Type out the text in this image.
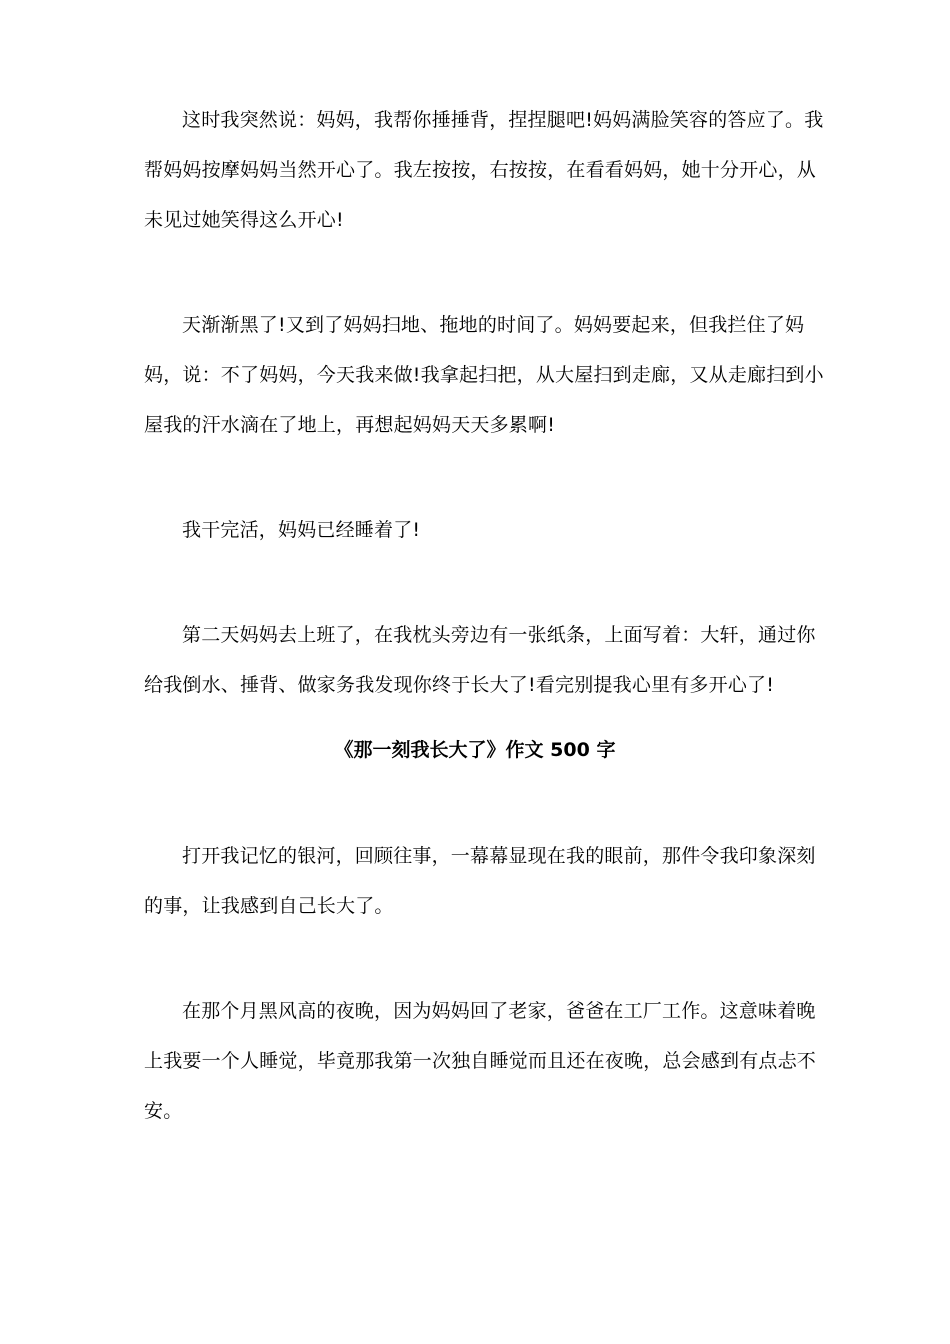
这时我突然说：妈妈，我帮你捶捶背，捏捏腿吧!妈妈满脸笑容的答应了。我帮妈妈按摩妈妈当然开心了。我左按按，右按按，在看看妈妈，她十分开心，从未见过她笑得这么开心!

天渐渐黑了!又到了妈妈扫地、拖地的时间了。妈妈要起来，但我拦住了妈妈，说：不了妈妈，今天我来做!我拿起扫把，从大屋扫到走廊，又从走廊扫到小屋我的汗水滴在了地上，再想起妈妈天天多累啊!

我干完活，妈妈已经睡着了!

第二天妈妈去上班了，在我枕头旁边有一张纸条，上面写着：大轩，通过你给我倒水、捶背、做家务我发现你终于长大了!看完别提我心里有多开心了!

《那一刻我长大了》作文 500 字

打开我记忆的银河，回顾往事，一幕幕显现在我的眼前，那件令我印象深刻的事，让我感到自己长大了。

在那个月黑风高的夜晚，因为妈妈回了老家，爸爸在工厂工作。这意味着晚上我要一个人睡觉，毕竟那我第一次独自睡觉而且还在夜晚，总会感到有点忐不安。
